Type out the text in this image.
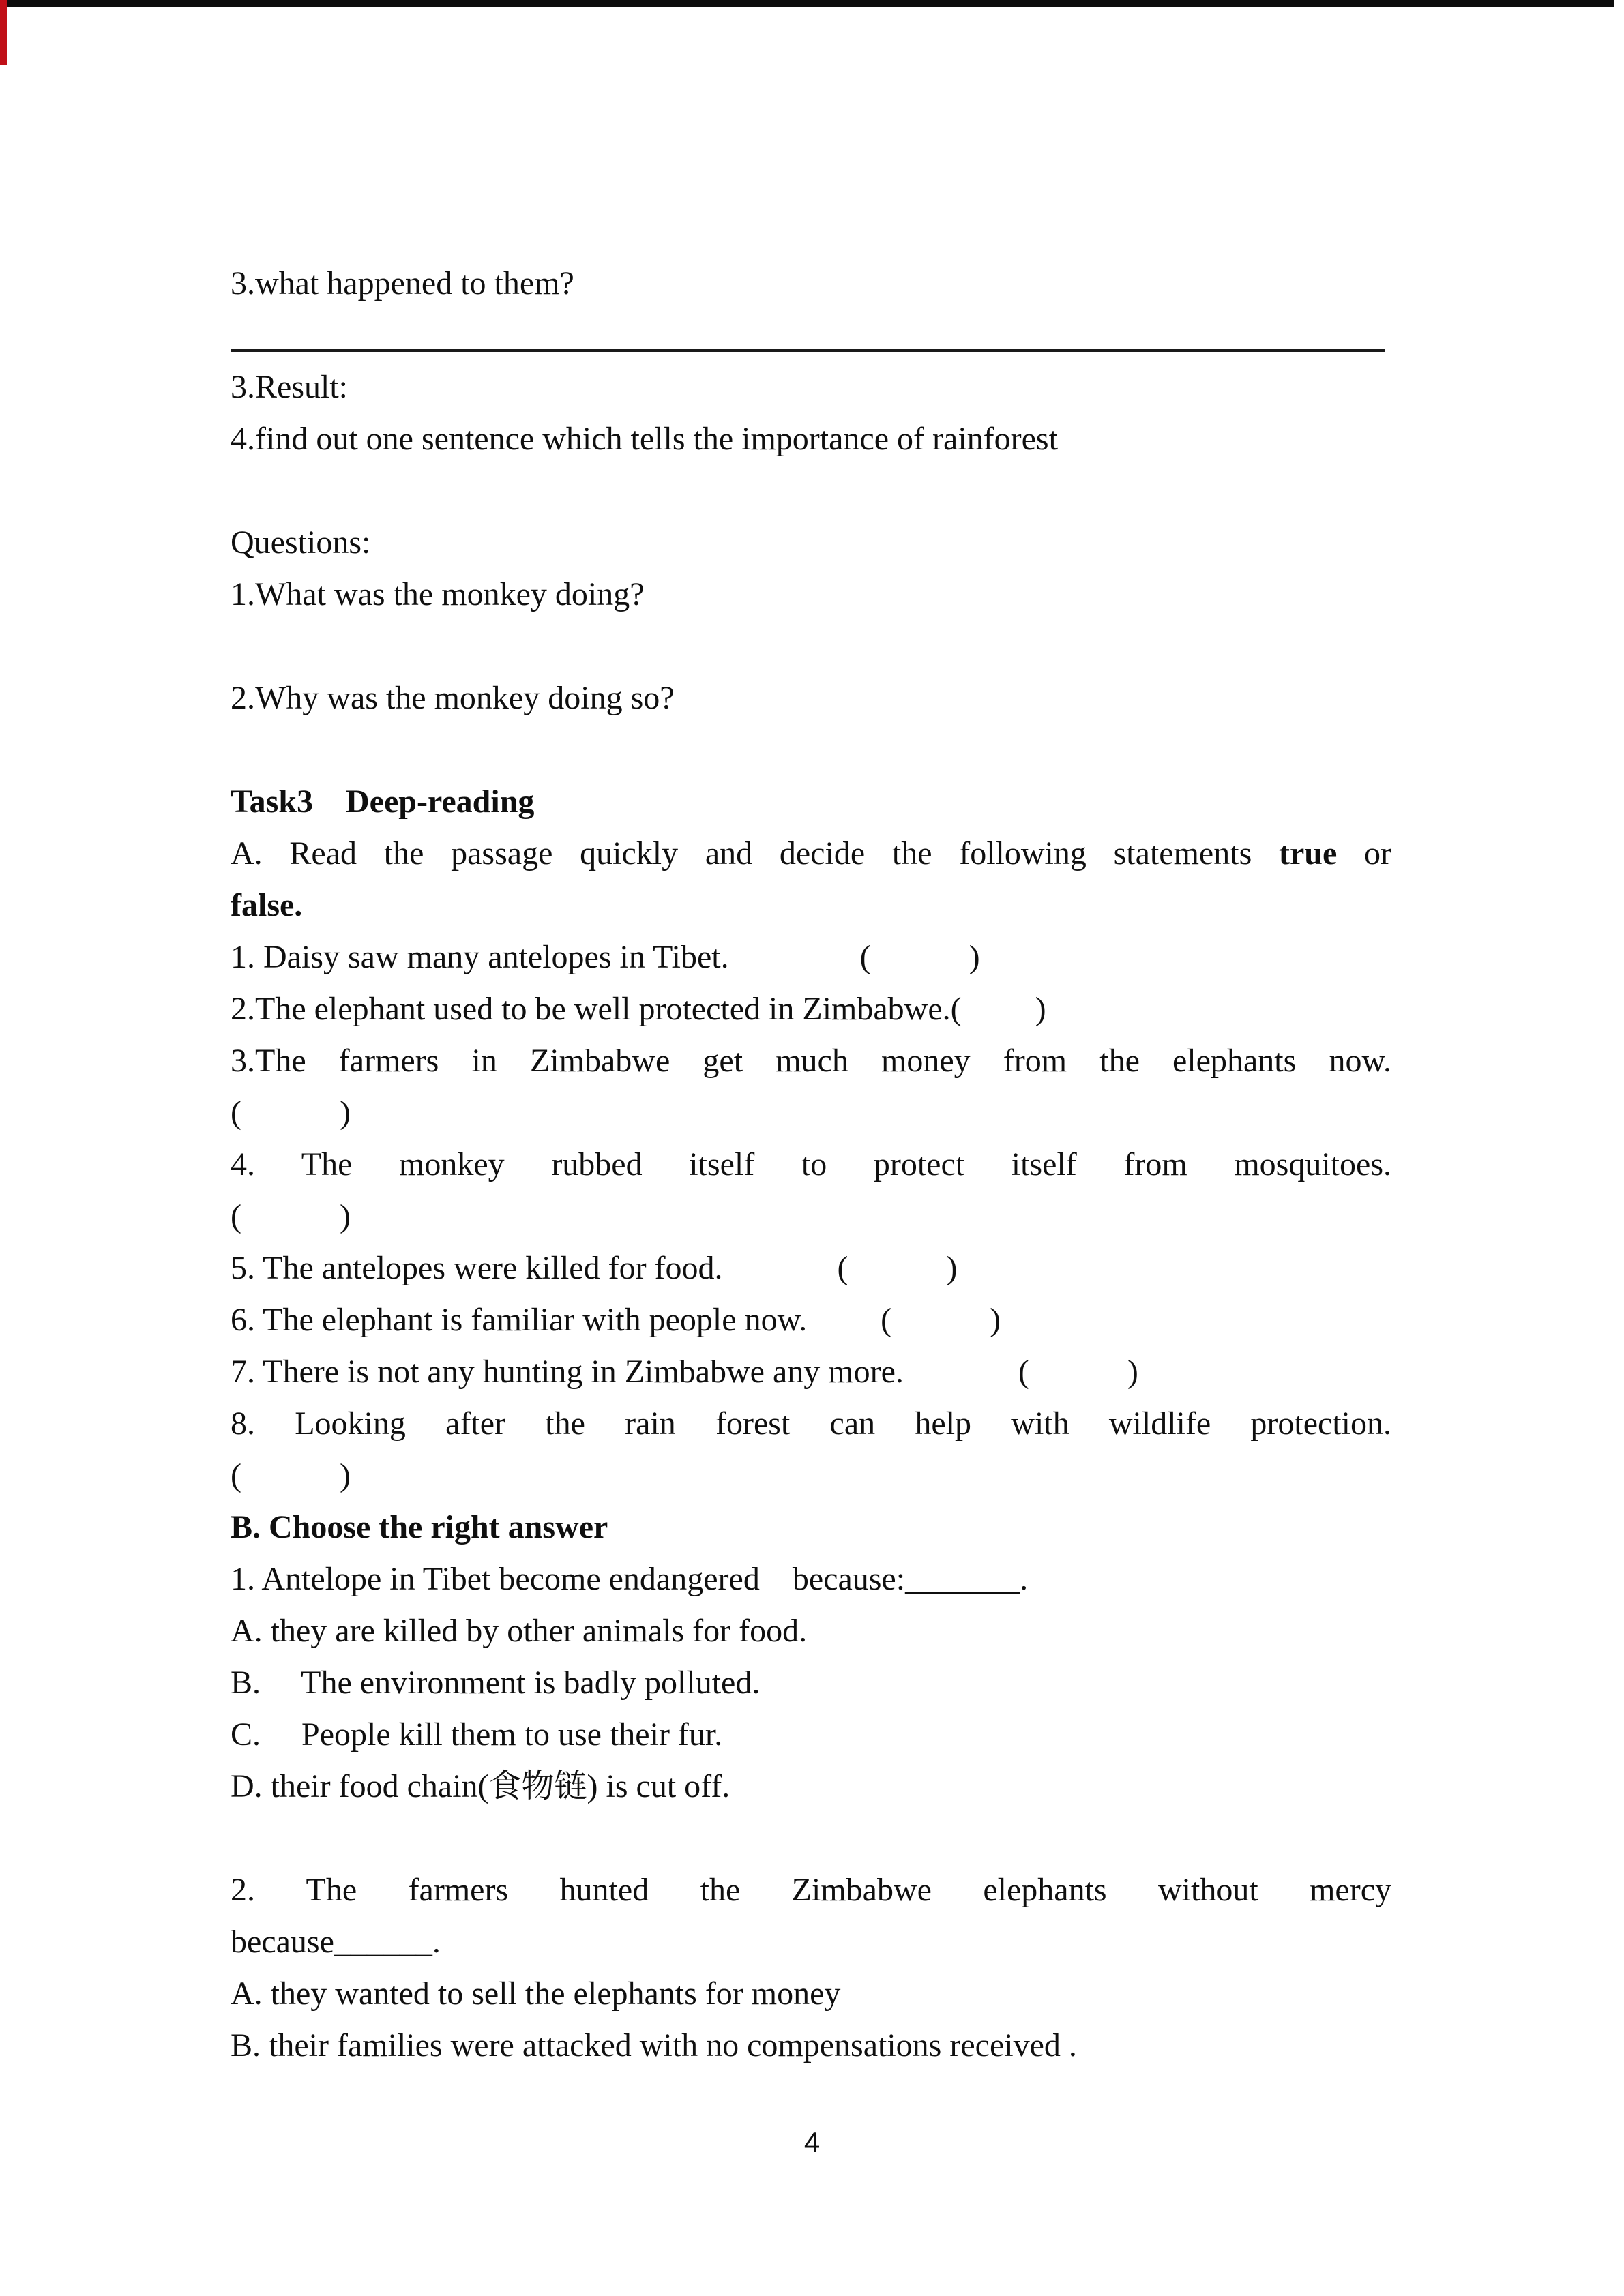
3.what happened to them?
3.Result:
4.find out one sentence which tells the importance of rainforest
Questions:
1.What was the monkey doing?
2.Why was the monkey doing so?
Task3    Deep-reading
A. Read the passage quickly and decide the following statements true or
false.
1. Daisy saw many antelopes in Tibet.                (            )
2.The elephant used to be well protected in Zimbabwe.(         )
3.The farmers in Zimbabwe get much money from the elephants now.
(            )
4. The monkey rubbed itself to protect itself from mosquitoes.
(            )
5. The antelopes were killed for food.              (            )
6. The elephant is familiar with people now.         (            )
7. There is not any hunting in Zimbabwe any more.              (            )
8. Looking after the rain forest can help with wildlife protection.
(            )
B. Choose the right answer
1. Antelope in Tibet become endangered    because:_______.
A. they are killed by other animals for food.
B.     The environment is badly polluted.
C.     People kill them to use their fur.
D. their food chain(食物链) is cut off.
2. The farmers hunted the Zimbabwe elephants without mercy
because______.
A. they wanted to sell the elephants for money
B. their families were attacked with no compensations received .
4
